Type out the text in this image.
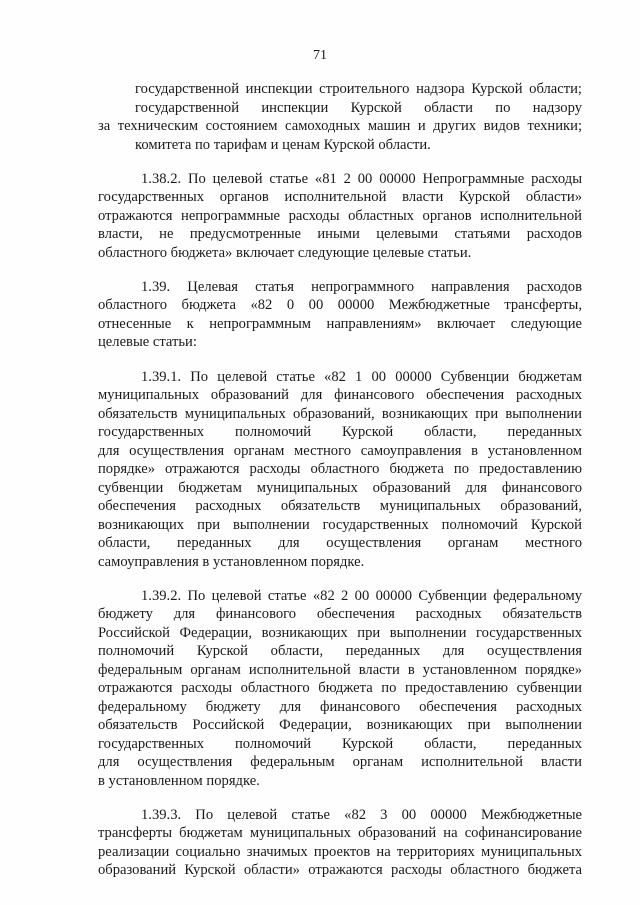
71
государственной инспекции строительного надзора Курской области;
государственной инспекции Курской области по надзору
за техническим состоянием самоходных машин и других видов техники;
комитета по тарифам и ценам Курской области.
1.38.2. По целевой статье «81 2 00 00000 Непрограммные расходы
государственных органов исполнительной власти Курской области»
отражаются непрограммные расходы областных органов исполнительной
власти, не предусмотренные иными целевыми статьями расходов
областного бюджета» включает следующие целевые статьи.
1.39. Целевая статья непрограммного направления расходов
областного бюджета «82 0 00 00000 Межбюджетные трансферты,
отнесенные к непрограммным направлениям» включает следующие
целевые статьи:
1.39.1. По целевой статье «82 1 00 00000 Субвенции бюджетам
муниципальных образований для финансового обеспечения расходных
обязательств муниципальных образований, возникающих при выполнении
государственных полномочий Курской области, переданных
для осуществления органам местного самоуправления в установленном
порядке» отражаются расходы областного бюджета по предоставлению
субвенции бюджетам муниципальных образований для финансового
обеспечения расходных обязательств муниципальных образований,
возникающих при выполнении государственных полномочий Курской
области, переданных для осуществления органам местного
самоуправления в установленном порядке.
1.39.2. По целевой статье «82 2 00 00000 Субвенции федеральному
бюджету для финансового обеспечения расходных обязательств
Российской Федерации, возникающих при выполнении государственных
полномочий Курской области, переданных для осуществления
федеральным органам исполнительной власти в установленном порядке»
отражаются расходы областного бюджета по предоставлению субвенции
федеральному бюджету для финансового обеспечения расходных
обязательств Российской Федерации, возникающих при выполнении
государственных полномочий Курской области, переданных
для осуществления федеральным органам исполнительной власти
в установленном порядке.
1.39.3. По целевой статье «82 3 00 00000 Межбюджетные
трансферты бюджетам муниципальных образований на софинансирование
реализации социально значимых проектов на территориях муниципальных
образований Курской области» отражаются расходы областного бюджета
